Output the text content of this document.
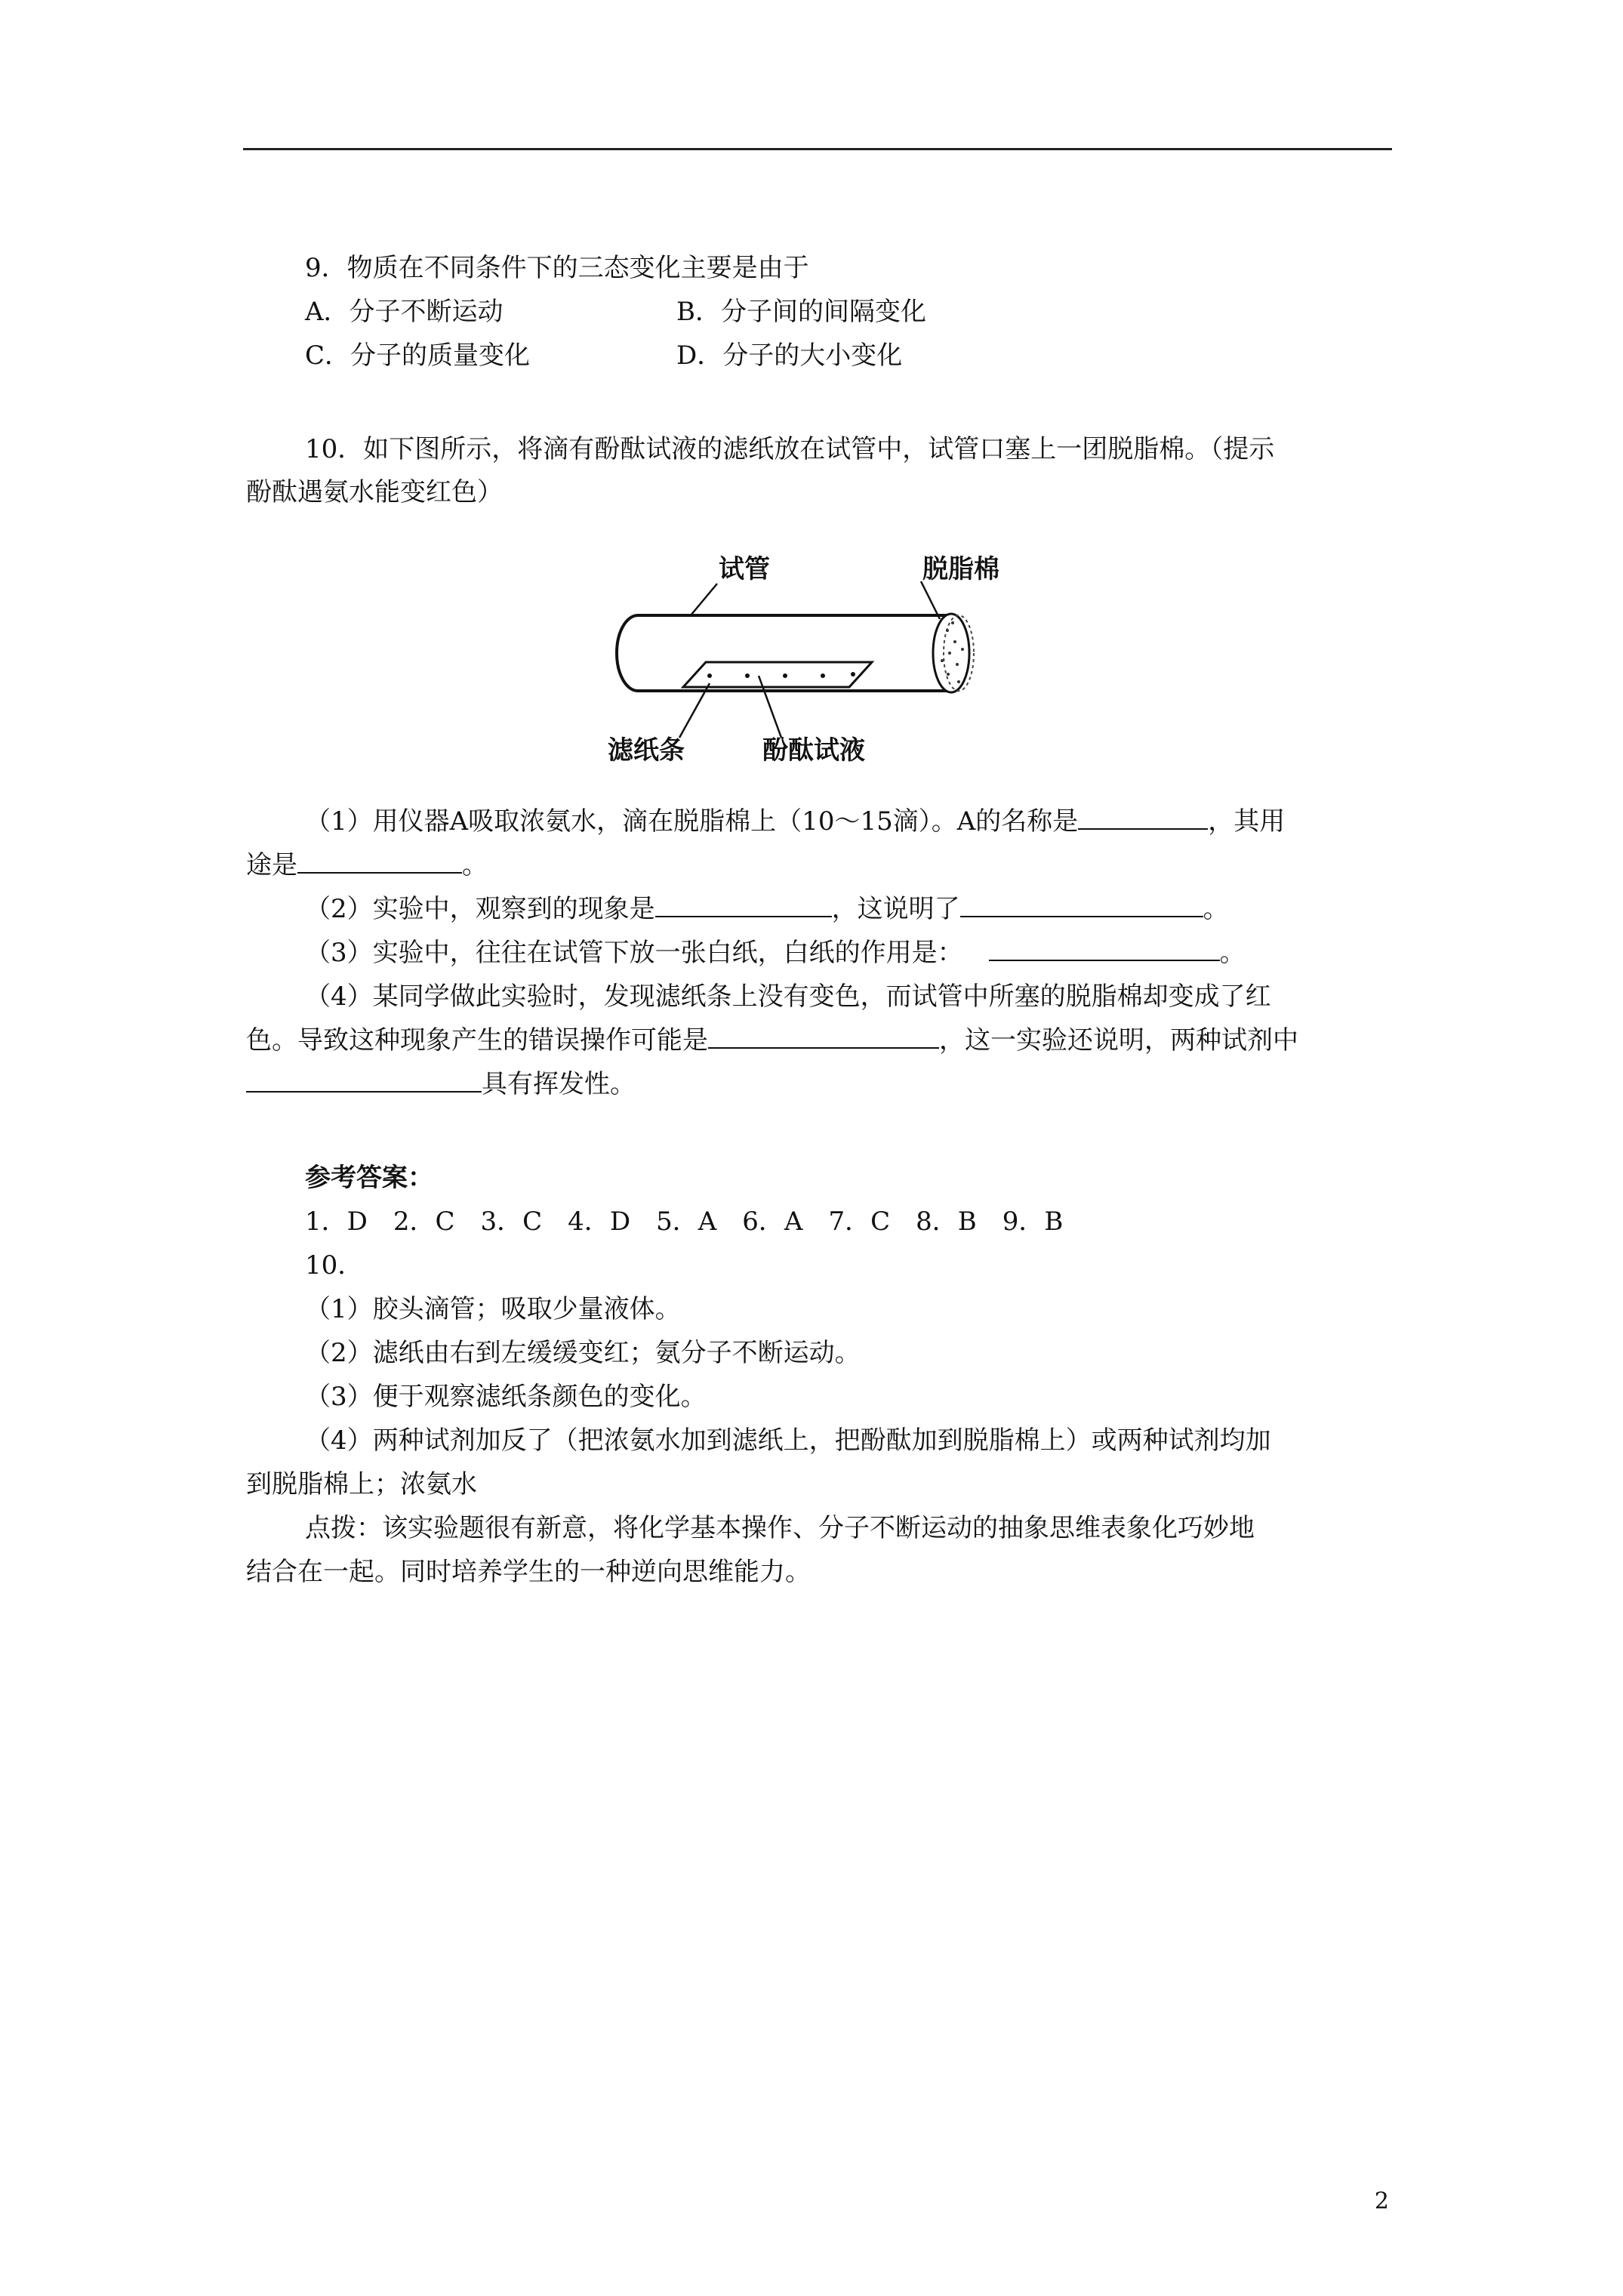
9．物质在不同条件下的三态变化主要是由于
A．分子不断运动	B．分子间的间隔变化
C．分子的质量变化	D．分子的大小变化
10．如下图所示，将滴有酚酞试液的滤纸放在试管中，试管口塞上一团脱脂棉。（提示
酚酞遇氨水能变红色）
试管	脱脂棉
滤纸条	酚酞试液
（1）用仪器A吸取浓氨水，滴在脱脂棉上（10～15滴）。A的名称是	，其用
途是	。
（2）实验中，观察到的现象是	，这说明了	。
（3）实验中，往往在试管下放一张白纸，白纸的作用是：	。
（4）某同学做此实验时，发现滤纸条上没有变色，而试管中所塞的脱脂棉却变成了红
色。导致这种现象产生的错误操作可能是	，这一实验还说明，两种试剂中
具有挥发性。
参考答案：
1．D　2．C　3．C　4．D　5．A　6．A　7．C　8．B　9．B
10．
（1）胶头滴管；吸取少量液体。
（2）滤纸由右到左缓缓变红；氨分子不断运动。
（3）便于观察滤纸条颜色的变化。
（4）两种试剂加反了（把浓氨水加到滤纸上，把酚酞加到脱脂棉上）或两种试剂均加
到脱脂棉上；浓氨水
点拨：该实验题很有新意，将化学基本操作、分子不断运动的抽象思维表象化巧妙地
结合在一起。同时培养学生的一种逆向思维能力。
2
